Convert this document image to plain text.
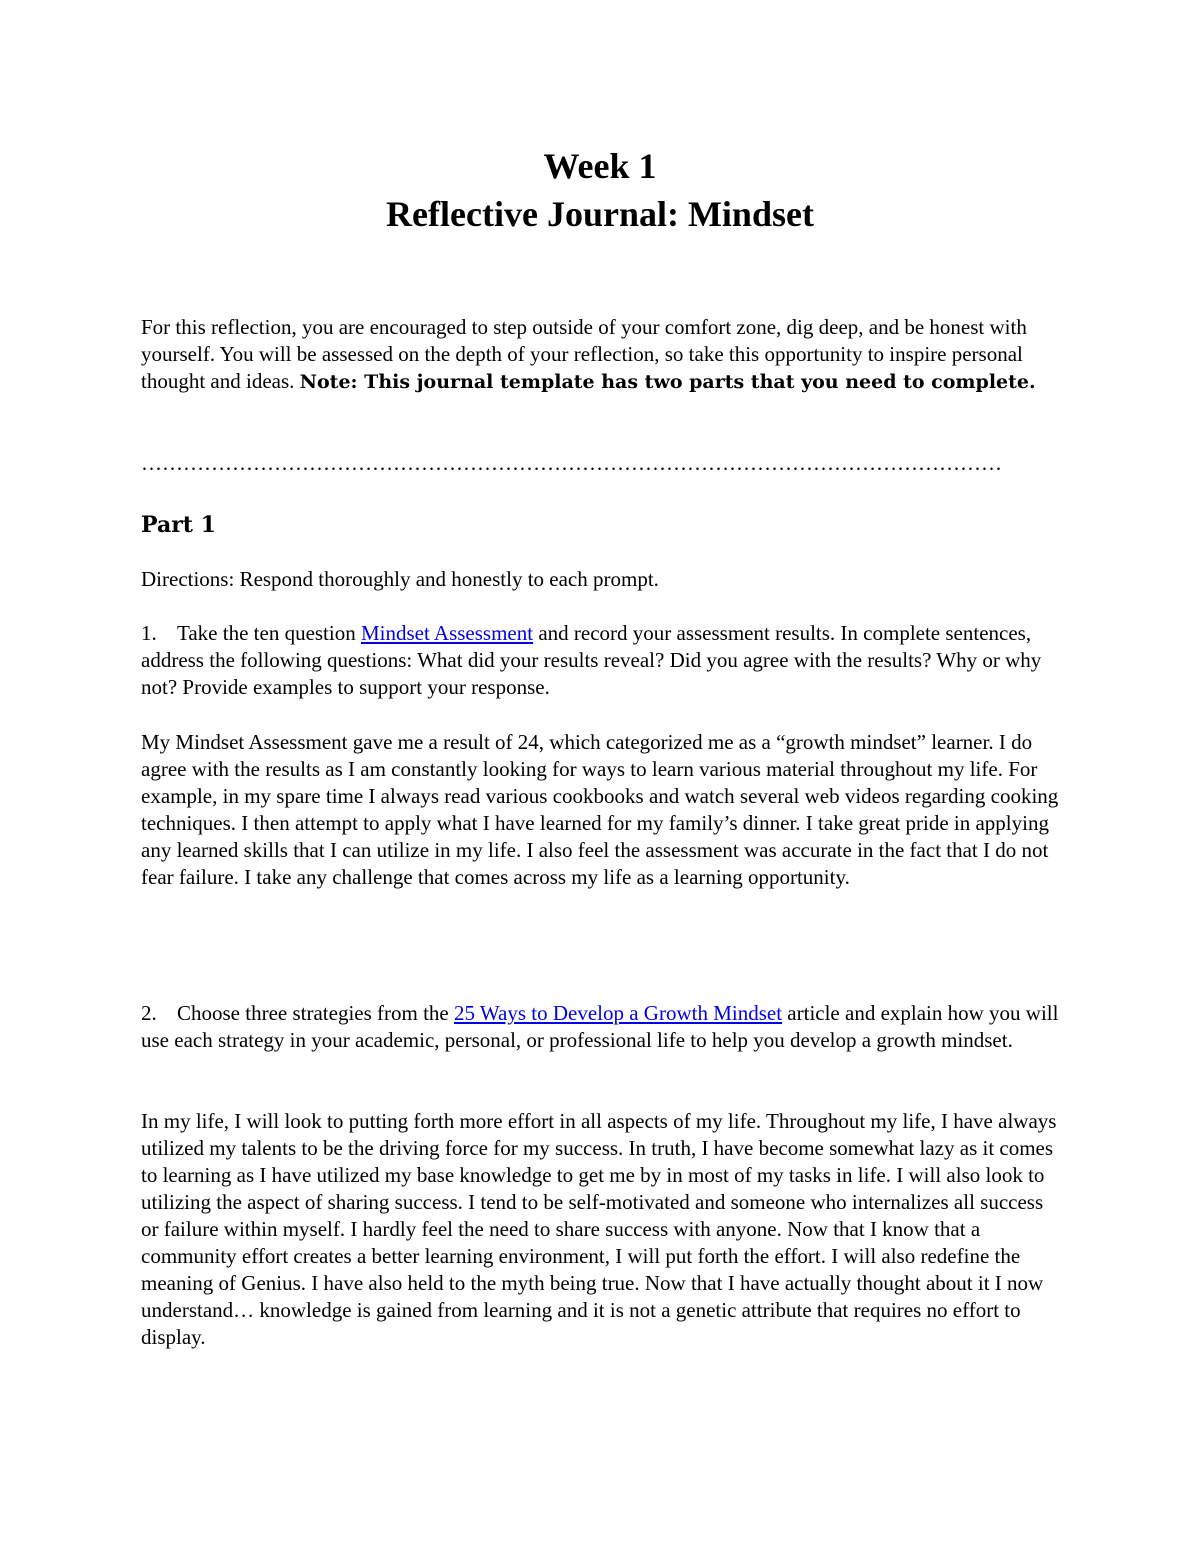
Week 1
Reflective Journal: Mindset
For this reflection, you are encouraged to step outside of your comfort zone, dig deep, and be honest with yourself. You will be assessed on the depth of your reflection, so take this opportunity to inspire personal thought and ideas. Note: This journal template has two parts that you need to complete.
……………………………………………………………………………………………………………
Part 1
Directions: Respond thoroughly and honestly to each prompt.
1. Take the ten question Mindset Assessment and record your assessment results. In complete sentences, address the following questions: What did your results reveal? Did you agree with the results? Why or why not? Provide examples to support your response.
My Mindset Assessment gave me a result of 24, which categorized me as a “growth mindset” learner. I do agree with the results as I am constantly looking for ways to learn various material throughout my life. For example, in my spare time I always read various cookbooks and watch several web videos regarding cooking techniques. I then attempt to apply what I have learned for my family’s dinner. I take great pride in applying any learned skills that I can utilize in my life. I also feel the assessment was accurate in the fact that I do not fear failure. I take any challenge that comes across my life as a learning opportunity.
2. Choose three strategies from the 25 Ways to Develop a Growth Mindset article and explain how you will use each strategy in your academic, personal, or professional life to help you develop a growth mindset.
In my life, I will look to putting forth more effort in all aspects of my life. Throughout my life, I have always utilized my talents to be the driving force for my success. In truth, I have become somewhat lazy as it comes to learning as I have utilized my base knowledge to get me by in most of my tasks in life. I will also look to utilizing the aspect of sharing success. I tend to be self-motivated and someone who internalizes all success or failure within myself. I hardly feel the need to share success with anyone. Now that I know that a community effort creates a better learning environment, I will put forth the effort. I will also redefine the meaning of Genius. I have also held to the myth being true. Now that I have actually thought about it I now understand… knowledge is gained from learning and it is not a genetic attribute that requires no effort to display.
